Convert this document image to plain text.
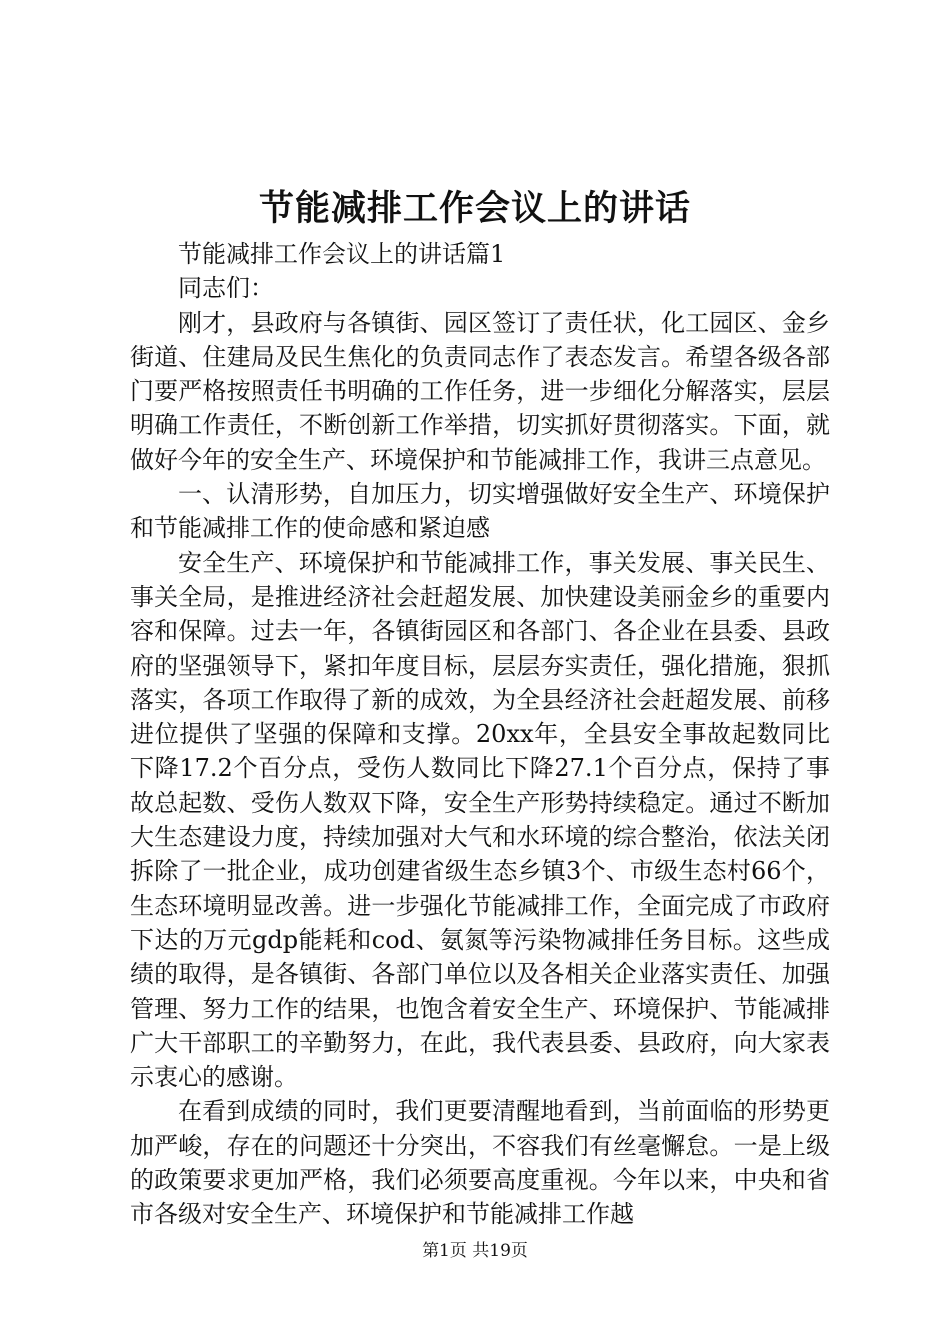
节能减排工作会议上的讲话

节能减排工作会议上的讲话篇1

同志们：

刚才，县政府与各镇街、园区签订了责任状，化工园区、金乡街道、住建局及民生焦化的负责同志作了表态发言。希望各级各部门要严格按照责任书明确的工作任务，进一步细化分解落实，层层明确工作责任，不断创新工作举措，切实抓好贯彻落实。下面，就做好今年的安全生产、环境保护和节能减排工作，我讲三点意见。

一、认清形势，自加压力，切实增强做好安全生产、环境保护和节能减排工作的使命感和紧迫感

安全生产、环境保护和节能减排工作，事关发展、事关民生、事关全局，是推进经济社会赶超发展、加快建设美丽金乡的重要内容和保障。过去一年，各镇街园区和各部门、各企业在县委、县政府的坚强领导下，紧扣年度目标，层层夯实责任，强化措施，狠抓落实，各项工作取得了新的成效，为全县经济社会赶超发展、前移进位提供了坚强的保障和支撑。20xx年，全县安全事故起数同比下降17.2个百分点，受伤人数同比下降27.1个百分点，保持了事故总起数、受伤人数双下降，安全生产形势持续稳定。通过不断加大生态建设力度，持续加强对大气和水环境的综合整治，依法关闭拆除了一批企业，成功创建省级生态乡镇3个、市级生态村66个，生态环境明显改善。进一步强化节能减排工作，全面完成了市政府下达的万元gdp能耗和cod、氨氮等污染物减排任务目标。这些成绩的取得，是各镇街、各部门单位以及各相关企业落实责任、加强管理、努力工作的结果，也饱含着安全生产、环境保护、节能减排广大干部职工的辛勤努力，在此，我代表县委、县政府，向大家表示衷心的感谢。

在看到成绩的同时，我们更要清醒地看到，当前面临的形势更加严峻，存在的问题还十分突出，不容我们有丝毫懈怠。一是上级的政策要求更加严格，我们必须要高度重视。今年以来，中央和省市各级对安全生产、环境保护和节能减排工作越

第1页 共19页
